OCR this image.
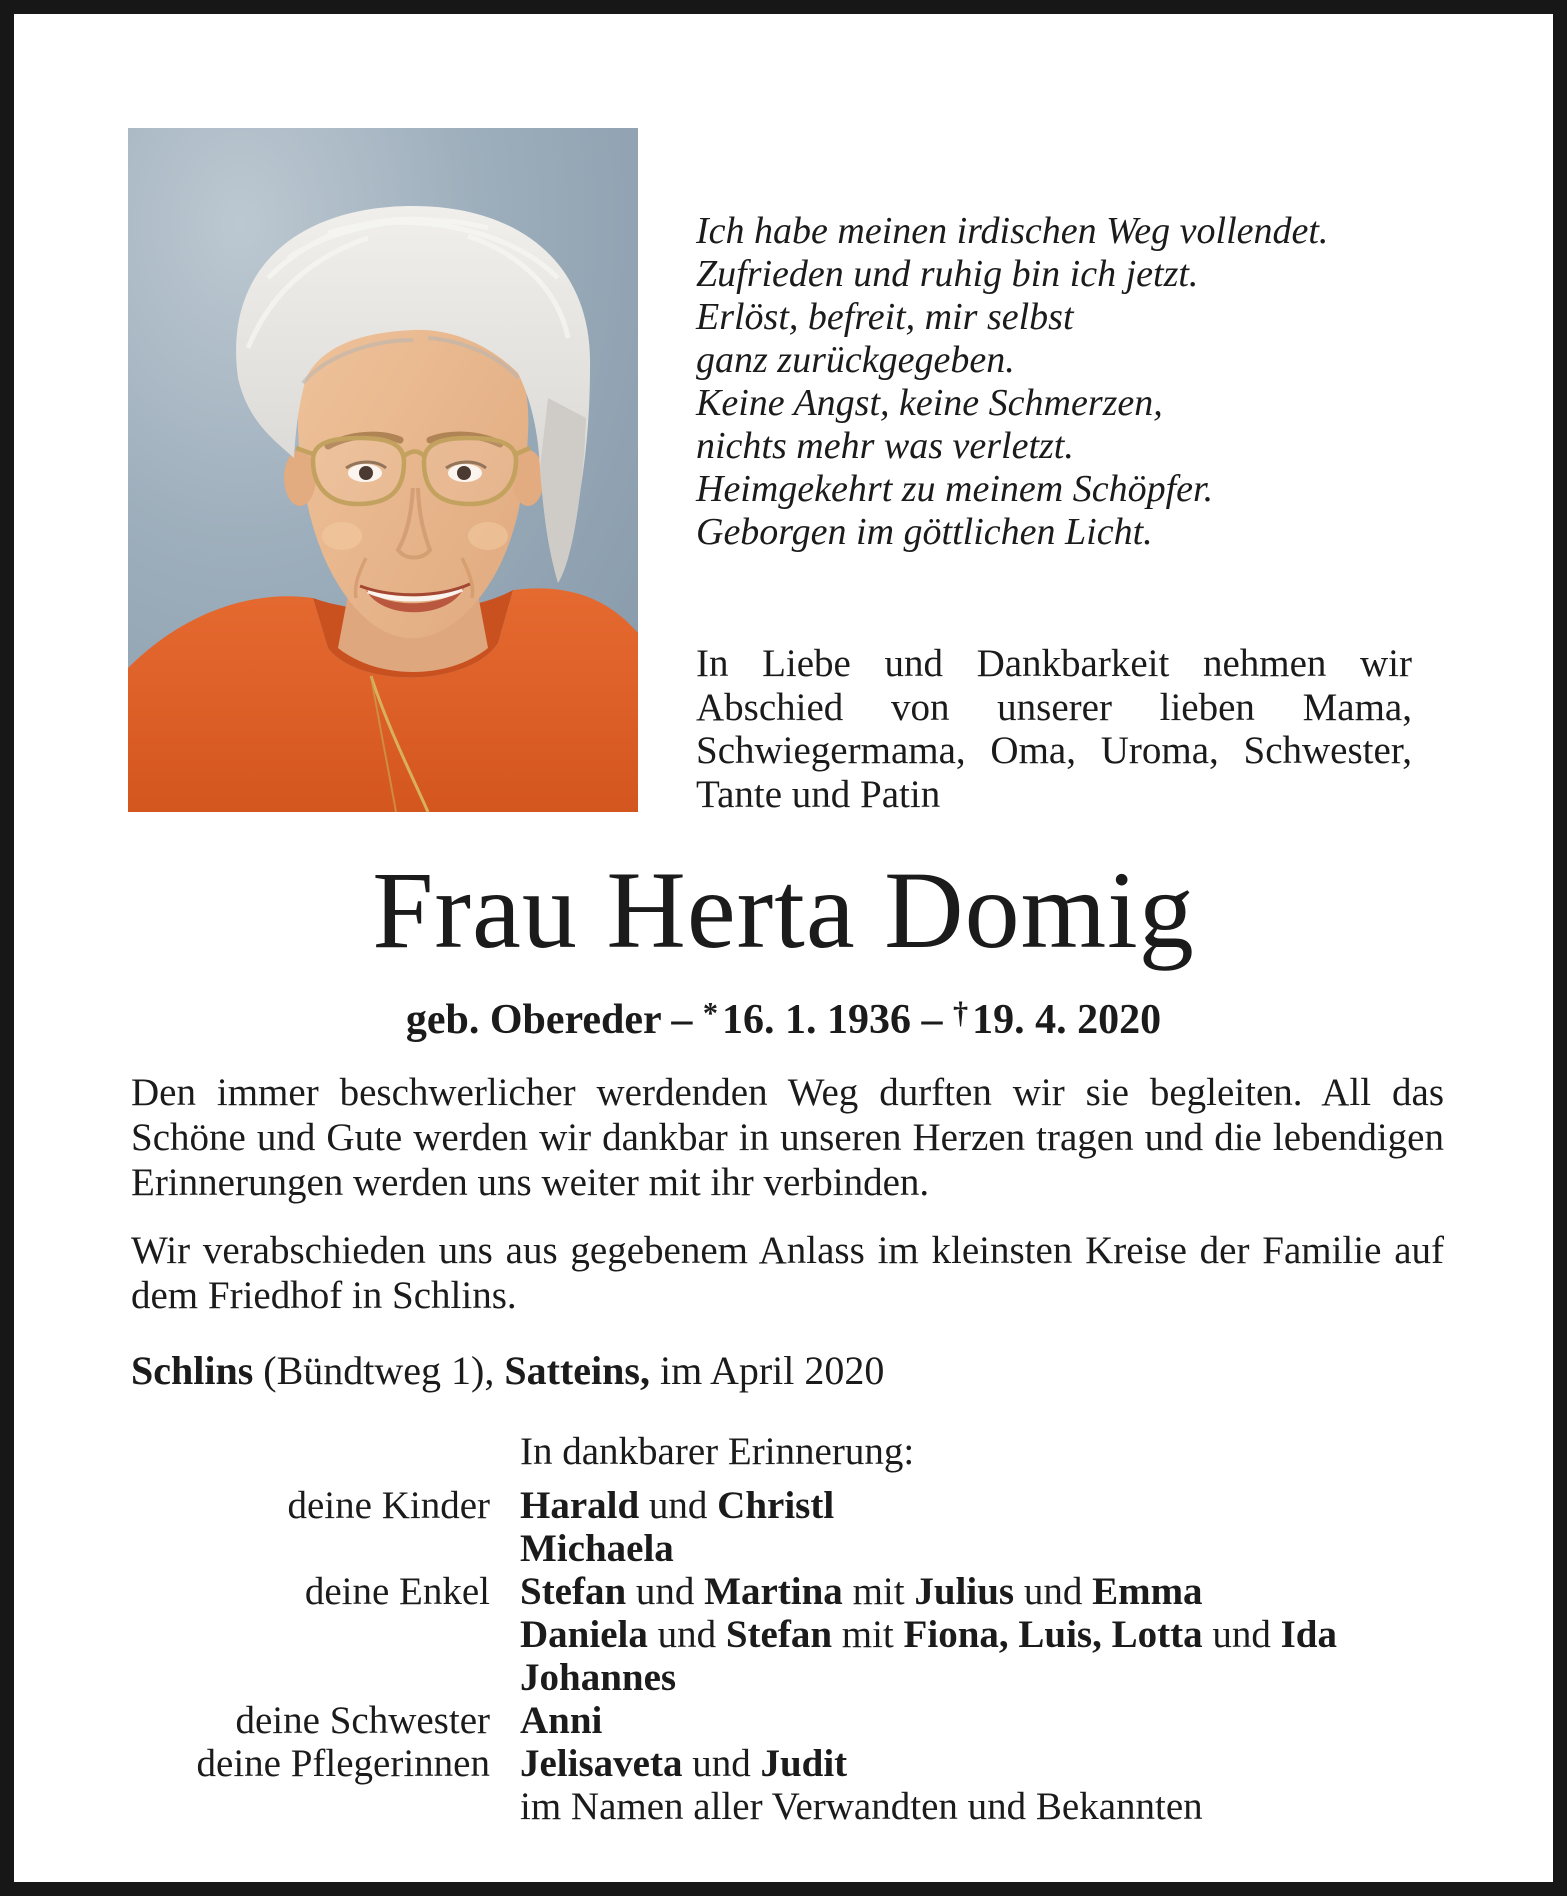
Ich habe meinen irdischen Weg vollendet.
Zufrieden und ruhig bin ich jetzt.
Erlöst, befreit, mir selbst
ganz zurückgegeben.
Keine Angst, keine Schmerzen,
nichts mehr was verletzt.
Heimgekehrt zu meinem Schöpfer.
Geborgen im göttlichen Licht.
In Liebe und Dankbarkeit nehmen wir Abschied von unserer lieben Mama, Schwiegermama, Oma, Uroma, Schwester, Tante und Patin
Frau Herta Domig
geb. Obereder – *16. 1. 1936 – †19. 4. 2020
Den immer beschwerlicher werdenden Weg durften wir sie begleiten. All das Schöne und Gute werden wir dankbar in unseren Herzen tragen und die lebendigen Erinnerungen werden uns weiter mit ihr verbinden.
Wir verabschieden uns aus gegebenem Anlass im kleinsten Kreise der Familie auf dem Friedhof in Schlins.
Schlins (Bündtweg 1), Satteins, im April 2020
In dankbarer Erinnerung:
deine Kinder Harald und Christl
Michaela
deine Enkel Stefan und Martina mit Julius und Emma
Daniela und Stefan mit Fiona, Luis, Lotta und Ida
Johannes
deine Schwester Anni
deine Pflegerinnen Jelisaveta und Judit
im Namen aller Verwandten und Bekannten
